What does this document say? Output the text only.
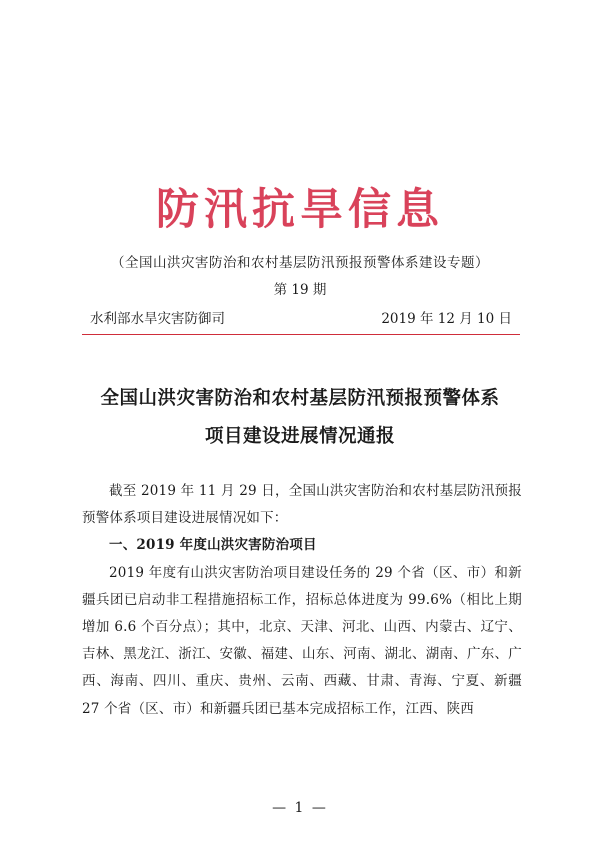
防汛抗旱信息
（全国山洪灾害防治和农村基层防汛预报预警体系建设专题）
第 19 期
水利部水旱灾害防御司	2019 年 12 月 10 日
全国山洪灾害防治和农村基层防汛预报预警体系
项目建设进展情况通报

截至 2019 年 11 月 29 日，全国山洪灾害防治和农村基层防汛预报预警体系项目建设进展情况如下：

一、2019 年度山洪灾害防治项目

2019 年度有山洪灾害防治项目建设任务的 29 个省（区、市）和新疆兵团已启动非工程措施招标工作，招标总体进度为 99.6%（相比上期增加 6.6 个百分点）；其中，北京、天津、河北、山西、内蒙古、辽宁、吉林、黑龙江、浙江、安徽、福建、山东、河南、湖北、湖南、广东、广西、海南、四川、重庆、贵州、云南、西藏、甘肃、青海、宁夏、新疆 27 个省（区、市）和新疆兵团已基本完成招标工作，江西、陕西

— 1 —
